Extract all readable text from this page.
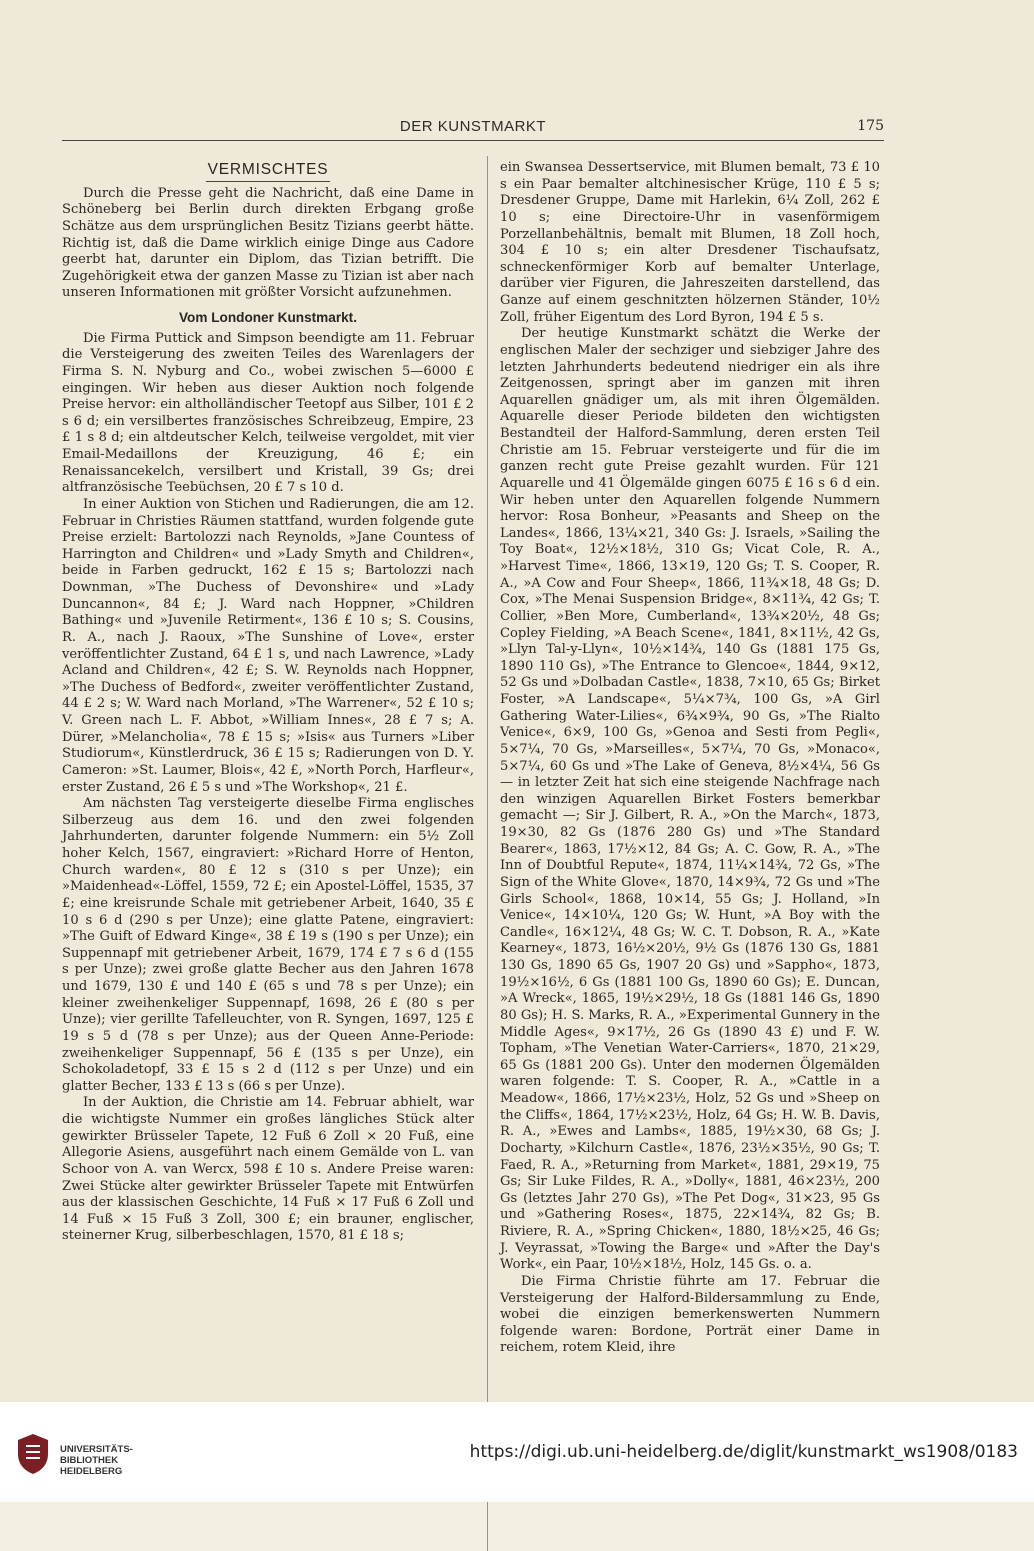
DER KUNSTMARKT	175
VERMISCHTES

Durch die Presse geht die Nachricht, daß eine Dame in Schöneberg bei Berlin durch direkten Erbgang große Schätze aus dem ursprünglichen Besitz Tizians geerbt hätte. Richtig ist, daß die Dame wirklich einige Dinge aus Cadore geerbt hat, darunter ein Diplom, das Tizian betrifft. Die Zugehörigkeit etwa der ganzen Masse zu Tizian ist aber nach unseren Informationen mit größter Vorsicht aufzunehmen.

Vom Londoner Kunstmarkt.

Die Firma Puttick and Simpson beendigte am 11. Februar die Versteigerung des zweiten Teiles des Warenlagers der Firma S. N. Nyburg and Co., wobei zwischen 5—6000 £ eingingen. Wir heben aus dieser Auktion noch folgende Preise hervor: ein altholländischer Teetopf aus Silber, 101 £ 2 s 6 d; ein versilbertes französisches Schreibzeug, Empire, 23 £ 1 s 8 d; ein altdeutscher Kelch, teilweise vergoldet, mit vier Email-Medaillons der Kreuzigung, 46 £; ein Renaissancekelch, versilbert und Kristall, 39 Gs; drei altfranzösische Teebüchsen, 20 £ 7 s 10 d.

In einer Auktion von Stichen und Radierungen, die am 12. Februar in Christies Räumen stattfand, wurden folgende gute Preise erzielt: Bartolozzi nach Reynolds, »Jane Countess of Harrington and Children« und »Lady Smyth and Children«, beide in Farben gedruckt, 162 £ 15 s; Bartolozzi nach Downman, »The Duchess of Devonshire« und »Lady Duncannon«, 84 £; J. Ward nach Hoppner, »Children Bathing« und »Juvenile Retirment«, 136 £ 10 s; S. Cousins, R. A., nach J. Raoux, »The Sunshine of Love«, erster veröffentlichter Zustand, 64 £ 1 s, und nach Lawrence, »Lady Acland and Children«, 42 £; S. W. Reynolds nach Hoppner, »The Duchess of Bedford«, zweiter veröffentlichter Zustand, 44 £ 2 s; W. Ward nach Morland, »The Warrener«, 52 £ 10 s; V. Green nach L. F. Abbot, »William Innes«, 28 £ 7 s; A. Dürer, »Melancholia«, 78 £ 15 s; »Isis« aus Turners »Liber Studiorum«, Künstlerdruck, 36 £ 15 s; Radierungen von D. Y. Cameron: »St. Laumer, Blois«, 42 £, »North Porch, Harfleur«, erster Zustand, 26 £ 5 s und »The Workshop«, 21 £.

Am nächsten Tag versteigerte dieselbe Firma englisches Silberzeug aus dem 16. und den zwei folgenden Jahrhunderten, darunter folgende Nummern: ein 5½ Zoll hoher Kelch, 1567, eingraviert: »Richard Horre of Henton, Church warden«, 80 £ 12 s (310 s per Unze); ein »Maidenhead«-Löffel, 1559, 72 £; ein Apostel-Löffel, 1535, 37 £; eine kreisrunde Schale mit getriebener Arbeit, 1640, 35 £ 10 s 6 d (290 s per Unze); eine glatte Patene, eingraviert: »The Guift of Edward Kinge«, 38 £ 19 s (190 s per Unze); ein Suppennapf mit getriebener Arbeit, 1679, 174 £ 7 s 6 d (155 s per Unze); zwei große glatte Becher aus den Jahren 1678 und 1679, 130 £ und 140 £ (65 s und 78 s per Unze); ein kleiner zweihenkeliger Suppennapf, 1698, 26 £ (80 s per Unze); vier gerillte Tafelleuchter, von R. Syngen, 1697, 125 £ 19 s 5 d (78 s per Unze); aus der Queen Anne-Periode: zweihenkeliger Suppennapf, 56 £ (135 s per Unze), ein Schokoladetopf, 33 £ 15 s 2 d (112 s per Unze) und ein glatter Becher, 133 £ 13 s (66 s per Unze).

In der Auktion, die Christie am 14. Februar abhielt, war die wichtigste Nummer ein großes längliches Stück alter gewirkter Brüsseler Tapete, 12 Fuß 6 Zoll × 20 Fuß, eine Allegorie Asiens, ausgeführt nach einem Gemälde von L. van Schoor von A. van Wercx, 598 £ 10 s. Andere Preise waren: Zwei Stücke alter gewirkter Brüsseler Tapete mit Entwürfen aus der klassischen Geschichte, 14 Fuß × 17 Fuß 6 Zoll und 14 Fuß × 15 Fuß 3 Zoll, 300 £; ein brauner, englischer, steinerner Krug, silberbeschlagen, 1570, 81 £ 18 s;

ein Swansea Dessertservice, mit Blumen bemalt, 73 £ 10 s ein Paar bemalter altchinesischer Krüge, 110 £ 5 s; Dresdener Gruppe, Dame mit Harlekin, 6¼ Zoll, 262 £ 10 s; eine Directoire-Uhr in vasenförmigem Porzellanbehältnis, bemalt mit Blumen, 18 Zoll hoch, 304 £ 10 s; ein alter Dresdener Tischaufsatz, schneckenförmiger Korb auf bemalter Unterlage, darüber vier Figuren, die Jahreszeiten darstellend, das Ganze auf einem geschnitzten hölzernen Ständer, 10½ Zoll, früher Eigentum des Lord Byron, 194 £ 5 s.

Der heutige Kunstmarkt schätzt die Werke der englischen Maler der sechziger und siebziger Jahre des letzten Jahrhunderts bedeutend niedriger ein als ihre Zeitgenossen, springt aber im ganzen mit ihren Aquarellen gnädiger um, als mit ihren Ölgemälden. Aquarelle dieser Periode bildeten den wichtigsten Bestandteil der Halford-Sammlung, deren ersten Teil Christie am 15. Februar versteigerte und für die im ganzen recht gute Preise gezahlt wurden. Für 121 Aquarelle und 41 Ölgemälde gingen 6075 £ 16 s 6 d ein. Wir heben unter den Aquarellen folgende Nummern hervor: Rosa Bonheur, »Peasants and Sheep on the Landes«, 1866, 13¼×21, 340 Gs: J. Israels, »Sailing the Toy Boat«, 12½×18½, 310 Gs; Vicat Cole, R. A., »Harvest Time«, 1866, 13×19, 120 Gs; T. S. Cooper, R. A., »A Cow and Four Sheep«, 1866, 11¾×18, 48 Gs; D. Cox, »The Menai Suspension Bridge«, 8×11¾, 42 Gs; T. Collier, »Ben More, Cumberland«, 13¾×20½, 48 Gs; Copley Fielding, »A Beach Scene«, 1841, 8×11½, 42 Gs, »Llyn Tal-y-Llyn«, 10½×14¾, 140 Gs (1881 175 Gs, 1890 110 Gs), »The Entrance to Glencoe«, 1844, 9×12, 52 Gs und »Dolbadan Castle«, 1838, 7×10, 65 Gs; Birket Foster, »A Landscape«, 5¼×7¾, 100 Gs, »A Girl Gathering Water-Lilies«, 6¾×9¾, 90 Gs, »The Rialto Venice«, 6×9, 100 Gs, »Genoa and Sesti from Pegli«, 5×7¼, 70 Gs, »Marseilles«, 5×7¼, 70 Gs, »Monaco«, 5×7¼, 60 Gs und »The Lake of Geneva, 8½×4¼, 56 Gs — in letzter Zeit hat sich eine steigende Nachfrage nach den winzigen Aquarellen Birket Fosters bemerkbar gemacht —; Sir J. Gilbert, R. A., »On the March«, 1873, 19×30, 82 Gs (1876 280 Gs) und »The Standard Bearer«, 1863, 17½×12, 84 Gs; A. C. Gow, R. A., »The Inn of Doubtful Repute«, 1874, 11¼×14¾, 72 Gs, »The Sign of the White Glove«, 1870, 14×9¾, 72 Gs und »The Girls School«, 1868, 10×14, 55 Gs; J. Holland, »In Venice«, 14×10¼, 120 Gs; W. Hunt, »A Boy with the Candle«, 16×12¼, 48 Gs; W. C. T. Dobson, R. A., »Kate Kearney«, 1873, 16½×20½, 9½ Gs (1876 130 Gs, 1881 130 Gs, 1890 65 Gs, 1907 20 Gs) und »Sappho«, 1873, 19½×16½, 6 Gs (1881 100 Gs, 1890 60 Gs); E. Duncan, »A Wreck«, 1865, 19½×29½, 18 Gs (1881 146 Gs, 1890 80 Gs); H. S. Marks, R. A., »Experimental Gunnery in the Middle Ages«, 9×17½, 26 Gs (1890 43 £) und F. W. Topham, »The Venetian Water-Carriers«, 1870, 21×29, 65 Gs (1881 200 Gs). Unter den modernen Ölgemälden waren folgende: T. S. Cooper, R. A., »Cattle in a Meadow«, 1866, 17½×23½, Holz, 52 Gs und »Sheep on the Cliffs«, 1864, 17½×23½, Holz, 64 Gs; H. W. B. Davis, R. A., »Ewes and Lambs«, 1885, 19½×30, 68 Gs; J. Docharty, »Kilchurn Castle«, 1876, 23½×35½, 90 Gs; T. Faed, R. A., »Returning from Market«, 1881, 29×19, 75 Gs; Sir Luke Fildes, R. A., »Dolly«, 1881, 46×23½, 200 Gs (letztes Jahr 270 Gs), »The Pet Dog«, 31×23, 95 Gs und »Gathering Roses«, 1875, 22×14¾, 82 Gs; B. Riviere, R. A., »Spring Chicken«, 1880, 18½×25, 46 Gs; J. Veyrassat, »Towing the Barge« und »After the Day's Work«, ein Paar, 10½×18½, Holz, 145 Gs. o. a.

Die Firma Christie führte am 17. Februar die Versteigerung der Halford-Bildersammlung zu Ende, wobei die einzigen bemerkenswerten Nummern folgende waren: Bordone, Porträt einer Dame in reichem, rotem Kleid, ihre

UNIVERSITÄTS-
BIBLIOTHEK
HEIDELBERG
https://digi.ub.uni-heidelberg.de/diglit/kunstmarkt_ws1908/0183
